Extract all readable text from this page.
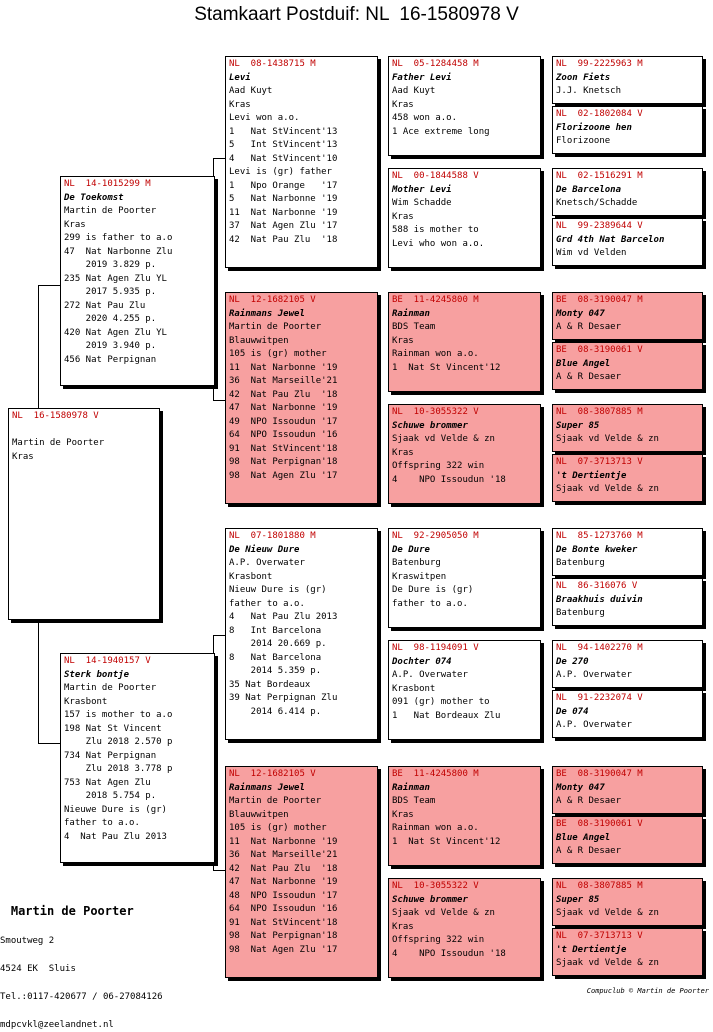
Stamkaart Postduif: NL  16-1580978 V
NL  16-1580978 V
Martin de Poorter
Kras
NL  14-1015299 M
De Toekomst
Martin de Poorter
Kras
299 is father to a.o
47  Nat Narbonne Zlu
2019 3.829 p.
235 Nat Agen Zlu YL
2017 5.935 p.
272 Nat Pau Zlu
2020 4.255 p.
420 Nat Agen Zlu YL
2019 3.940 p.
456 Nat Perpignan
NL  14-1940157 V
Sterk bontje
Martin de Poorter
Krasbont
157 is mother to a.o
198 Nat St Vincent
Zlu 2018 2.570 p
734 Nat Perpignan
Zlu 2018 3.778 p
753 Nat Agen Zlu
2018 5.754 p.
Nieuwe Dure is (gr)
father to a.o.
4  Nat Pau Zlu 2013
NL  08-1438715 M
Levi
Aad Kuyt
Kras
Levi won a.o.
1   Nat StVincent'13
5   Int StVincent'13
4   Nat StVincent'10
Levi is (gr) father
1   Npo Orange   '17
5   Nat Narbonne '19
11  Nat Narbonne '19
37  Nat Agen Zlu '17
42  Nat Pau Zlu  '18
NL  12-1682105 V
Rainmans Jewel
Martin de Poorter
Blauwwitpen
105 is (gr) mother
11  Nat Narbonne '19
36  Nat Marseille'21
42  Nat Pau Zlu  '18
47  Nat Narbonne '19
49  NPO Issoudun '17
64  NPO Issoudun '16
91  Nat StVincent'18
98  Nat Perpignan'18
98  Nat Agen Zlu '17
NL  07-1801880 M
De Nieuw Dure
A.P. Overwater
Krasbont
Nieuw Dure is (gr)
father to a.o.
4   Nat Pau Zlu 2013
8   Int Barcelona
2014 20.669 p.
8   Nat Barcelona
2014 5.359 p.
35 Nat Bordeaux
39 Nat Perpignan Zlu
2014 6.414 p.
NL  12-1682105 V
Rainmans Jewel
Martin de Poorter
Blauwwitpen
105 is (gr) mother
11  Nat Narbonne '19
36  Nat Marseille'21
42  Nat Pau Zlu  '18
47  Nat Narbonne '19
48  NPO Issoudun '17
64  NPO Issoudun '16
91  Nat StVincent'18
98  Nat Perpignan'18
98  Nat Agen Zlu '17
NL  05-1284458 M
Father Levi
Aad Kuyt
Kras
458 won a.o.
1 Ace extreme long
NL  00-1844588 V
Mother Levi
Wim Schadde
Kras
588 is mother to
Levi who won a.o.
BE  11-4245800 M
Rainman
BDS Team
Kras
Rainman won a.o.
1  Nat St Vincent'12
NL  10-3055322 V
Schuwe brommer
Sjaak vd Velde & zn
Kras
Offspring 322 win
4    NPO Issoudun '18
NL  92-2905050 M
De Dure
Batenburg
Kraswitpen
De Dure is (gr)
father to a.o.
NL  98-1194091 V
Dochter 074
A.P. Overwater
Krasbont
091 (gr) mother to
1   Nat Bordeaux Zlu
BE  11-4245800 M
Rainman
BDS Team
Kras
Rainman won a.o.
1  Nat St Vincent'12
NL  10-3055322 V
Schuwe brommer
Sjaak vd Velde & zn
Kras
Offspring 322 win
4    NPO Issoudun '18
NL  99-2225963 M
Zoon Fiets
J.J. Knetsch
NL  02-1802084 V
Florizoone hen
Florizoone
NL  02-1516291 M
De Barcelona
Knetsch/Schadde
NL  99-2389644 V
Grd 4th Nat Barcelon
Wim vd Velden
BE  08-3190047 M
Monty 047
A & R Desaer
BE  08-3190061 V
Blue Angel
A & R Desaer
NL  08-3807885 M
Super 85
Sjaak vd Velde & zn
NL  07-3713713 V
't Dertientje
Sjaak vd Velde & zn
NL  85-1273760 M
De Bonte kweker
Batenburg
NL  86-316076 V
Braakhuis duivin
Batenburg
NL  94-1402270 M
De 270
A.P. Overwater
NL  91-2232074 V
De 074
A.P. Overwater
BE  08-3190047 M
Monty 047
A & R Desaer
BE  08-3190061 V
Blue Angel
A & R Desaer
NL  08-3807885 M
Super 85
Sjaak vd Velde & zn
NL  07-3713713 V
't Dertientje
Sjaak vd Velde & zn

Martin de Poorter

Smoutweg 2

4524 EK  Sluis

Tel.:0117-420677 / 06-27084126

mdpcvkl@zeelandnet.nl

Compuclub © Martin de Poorter
